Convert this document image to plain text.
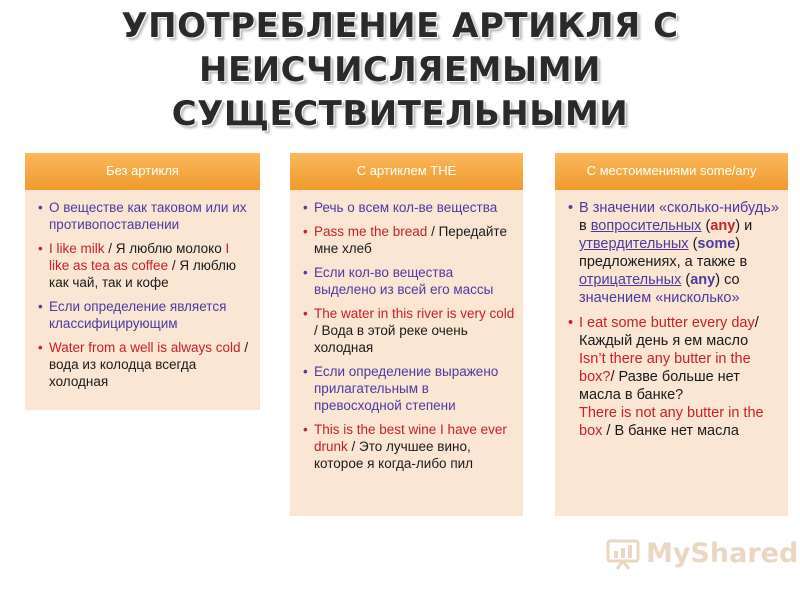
УПОТРЕБЛЕНИЕ АРТИКЛЯ С
НЕИСЧИСЛЯЕМЫМИ СУЩЕСТВИТЕЛЬНЫМИ
Без артикля
• О веществе как таковом или их противопоставлении
• I like milk / Я люблю молоко I like as tea as coffee / Я люблю как чай, так и кофе
• Если определение является классифицирующим
• Water from a well is always cold / вода из колодца всегда холодная
С артиклем THE
• Речь о всем кол-ве вещества
• Pass me the bread / Передайте мне хлеб
• Если кол-во вещества выделено из всей его массы
• The water in this river is very cold / Вода в этой реке очень холодная
• Если определение выражено прилагательным в превосходной степени
• This is the best wine I have ever drunk / Это лучшее вино, которое я когда-либо пил
С местоимениями some/any
• В значении «сколько-нибудь» в вопросительных (any) и утвердительных (some) предложениях, а также в отрицательных (any) со значением «нисколько»
• I eat some butter every day/ Каждый день я ем масло
Isn’t there any butter in the box?/ Разве больше нет масла в банке?
There is not any butter in the box / В банке нет масла
MyShared
